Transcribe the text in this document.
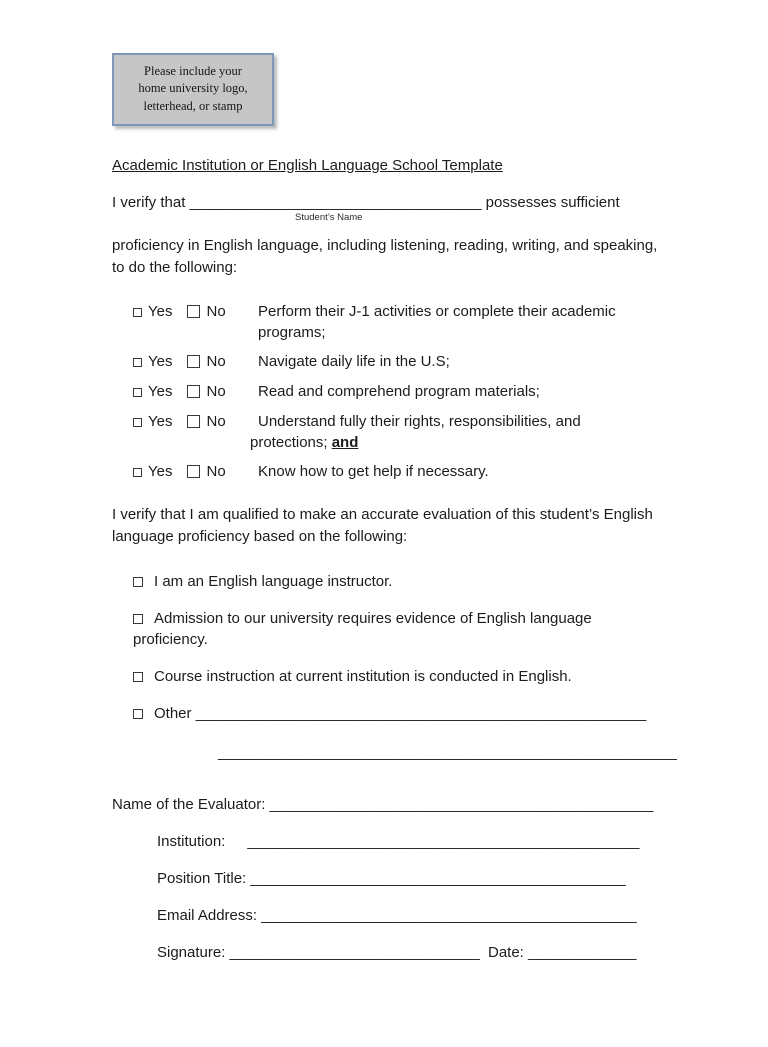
Please include your
home university logo,
letterhead, or stamp
Academic Institution or English Language School Template
I verify that ___________________________________ possesses sufficient
Student’s Name
proficiency in English language, including listening, reading, writing, and speaking, to do the following:
Yes No	Perform their J-1 activities or complete their academic programs;
Yes No	Navigate daily life in the U.S;
Yes No	Read and comprehend program materials;
Yes No	Understand fully their rights, responsibilities, and
protections; and
Yes No	Know how to get help if necessary.
I verify that I am qualified to make an accurate evaluation of this student’s English language proficiency based on the following:
I am an English language instructor.
Admission to our university requires evidence of English language proficiency.
Course instruction at current institution is conducted in English.
Other ______________________________________________________
_______________________________________________________
Name of the Evaluator: ______________________________________________
Institution: _______________________________________________
Position Title: _____________________________________________
Email Address: _____________________________________________
Signature: ______________________________ Date: _____________
